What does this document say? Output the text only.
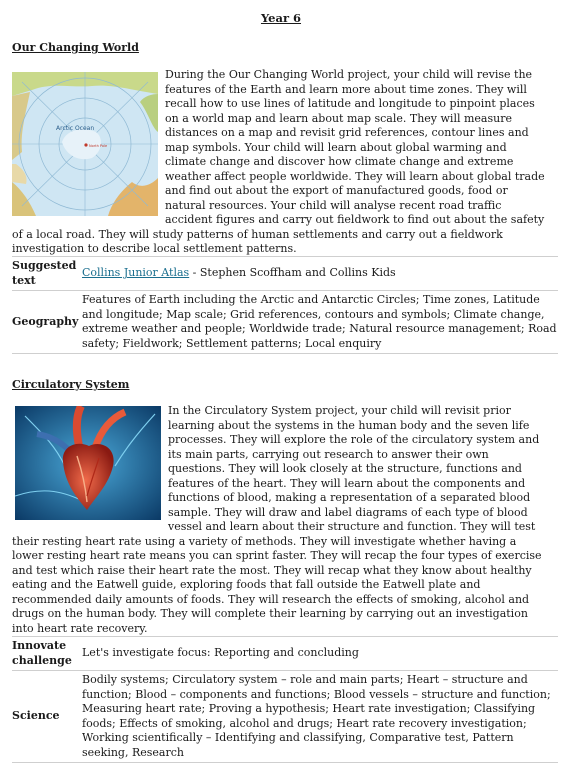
Year 6
Our Changing World
Arctic Ocean
North Pole

During the Our Changing World project, your child will revise the features of the Earth and learn more about time zones. They will recall how to use lines of latitude and longitude to pinpoint places on a world map and learn about map scale. They will measure distances on a map and revisit grid references, contour lines and map symbols. Your child will learn about global warming and climate change and discover how climate change and extreme weather affect people worldwide. They will learn about global trade and find out about the export of manufactured goods, food or natural resources. Your child will analyse recent road traffic accident figures and carry out fieldwork to find out about the safety of a local road. They will study patterns of human settlements and carry out a fieldwork investigation to describe local settlement patterns.

Suggested text	Collins Junior Atlas - Stephen Scoffham and Collins Kids
Geography	Features of Earth including the Arctic and Antarctic Circles; Time zones, Latitude and longitude; Map scale; Grid references, contours and symbols; Climate change, extreme weather and people; Worldwide trade; Natural resource management; Road safety; Fieldwork; Settlement patterns; Local enquiry
Circulatory System

In the Circulatory System project, your child will revisit prior learning about the systems in the human body and the seven life processes. They will explore the role of the circulatory system and its main parts, carrying out research to answer their own questions. They will look closely at the structure, functions and features of the heart. They will learn about the components and functions of blood, making a representation of a separated blood sample. They will draw and label diagrams of each type of blood vessel and learn about their structure and function. They will test their resting heart rate using a variety of methods. They will investigate whether having a lower resting heart rate means you can sprint faster. They will recap the four types of exercise and test which raise their heart rate the most. They will recap what they know about healthy eating and the Eatwell guide, exploring foods that fall outside the Eatwell plate and recommended daily amounts of foods. They will research the effects of smoking, alcohol and drugs on the human body. They will complete their learning by carrying out an investigation into heart rate recovery.

Innovate challenge	Let's investigate focus: Reporting and concluding
Science	Bodily systems; Circulatory system – role and main parts; Heart – structure and function; Blood – components and functions; Blood vessels – structure and function; Measuring heart rate; Proving a hypothesis; Heart rate investigation; Classifying foods; Effects of smoking, alcohol and drugs; Heart rate recovery investigation; Working scientifically – Identifying and classifying, Comparative test, Pattern seeking, Research
